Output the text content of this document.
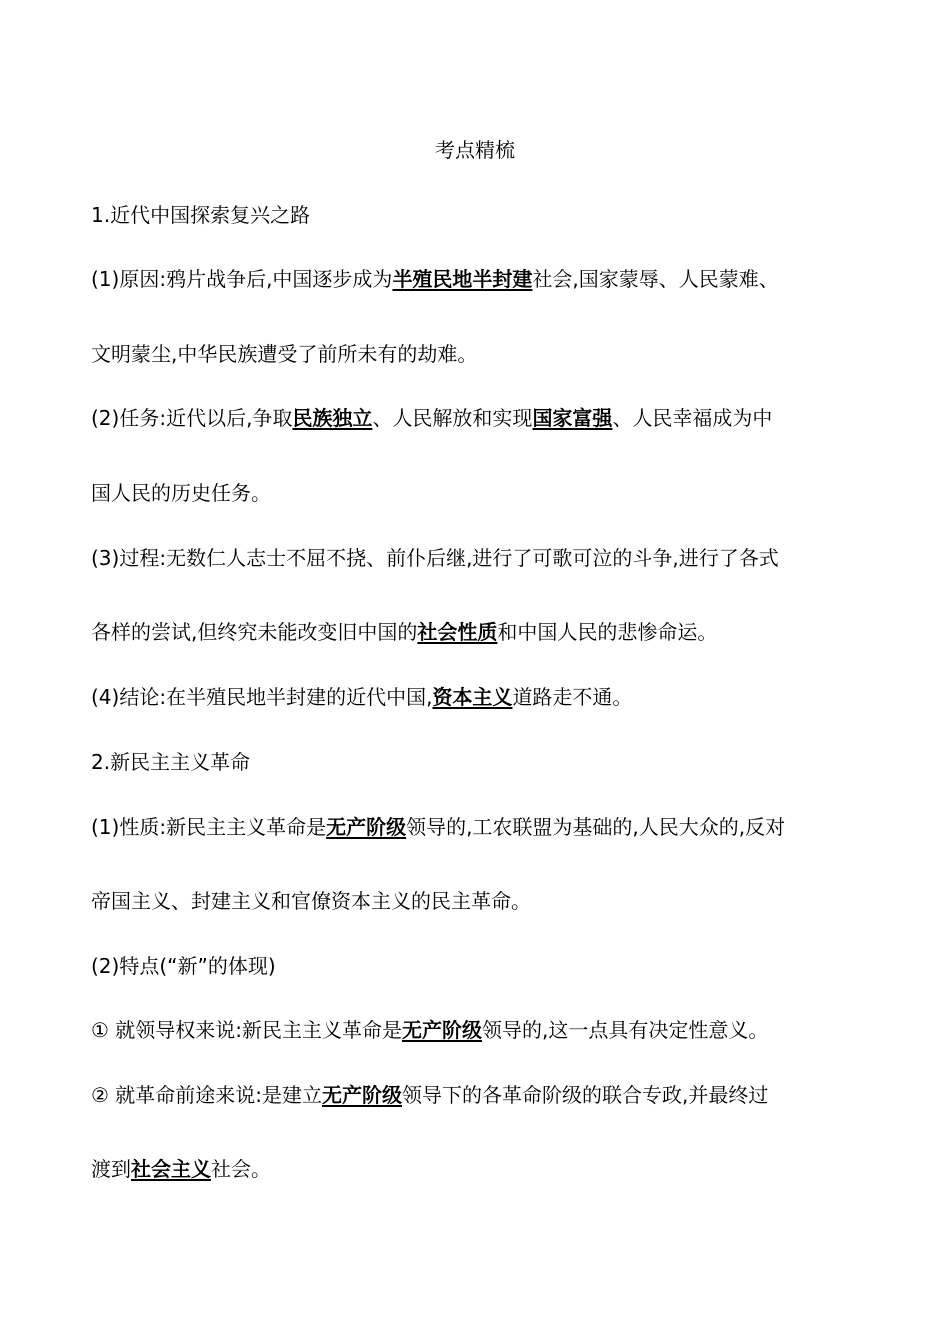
考点精梳
1.近代中国探索复兴之路
(1)原因:鸦片战争后,中国逐步成为半殖民地半封建社会,国家蒙辱、人民蒙难、
文明蒙尘,中华民族遭受了前所未有的劫难。
(2)任务:近代以后,争取民族独立、人民解放和实现国家富强、人民幸福成为中
国人民的历史任务。
(3)过程:无数仁人志士不屈不挠、前仆后继,进行了可歌可泣的斗争,进行了各式
各样的尝试,但终究未能改变旧中国的社会性质和中国人民的悲惨命运。
(4)结论:在半殖民地半封建的近代中国,资本主义道路走不通。
2.新民主主义革命
(1)性质:新民主主义革命是无产阶级领导的,工农联盟为基础的,人民大众的,反对
帝国主义、封建主义和官僚资本主义的民主革命。
(2)特点(“新”的体现)
① 就领导权来说:新民主主义革命是无产阶级领导的,这一点具有决定性意义。
② 就革命前途来说:是建立无产阶级领导下的各革命阶级的联合专政,并最终过
渡到社会主义社会。
